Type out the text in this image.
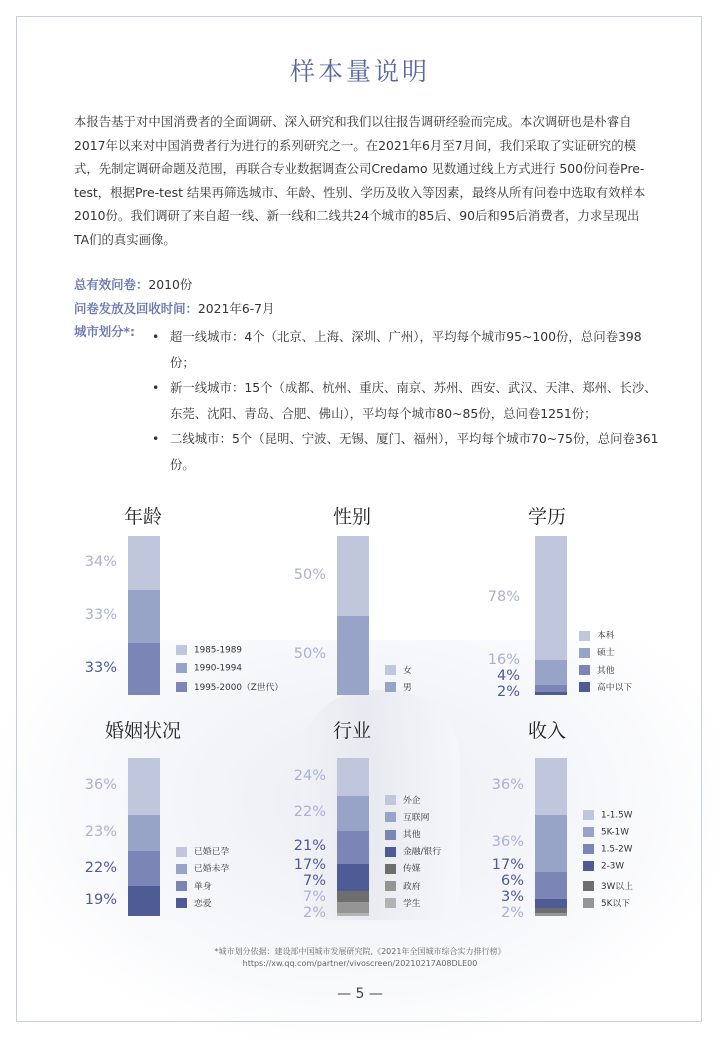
样本量说明

本报告基于对中国消费者的全面调研、深入研究和我们以往报告调研经验而完成。本次调研也是朴睿自2017年以来对中国消费者行为进行的系列研究之一。在2021年6月至7月间，我们采取了实证研究的模式，先制定调研命题及范围，再联合专业数据调查公司Credamo 见数通过线上方式进行 500份问卷Pre-test，根据Pre-test 结果再筛选城市、年龄、性别、学历及收入等因素，最终从所有问卷中选取有效样本2010份。我们调研了来自超一线、新一线和二线共24个城市的85后、90后和95后消费者，力求呈现出TA们的真实画像。

总有效问卷：2010份
问卷发放及回收时间：2021年6-7月
城市划分*:
•	超一线城市：4个（北京、上海、深圳、广州），平均每个城市95~100份，总问卷398份；
• 新一线城市：15个（成都、杭州、重庆、南京、苏州、西安、武汉、天津、郑州、长沙、东莞、沈阳、青岛、合肥、佛山），平均每个城市80~85份，总问卷1251份；
• 二线城市：5个（昆明、宁波、无锡、厦门、福州），平均每个城市70~75份，总问卷361份。
年龄
34%
1985-1989
33%
1990-1994
33%
1995-2000（Z世代）
性别
50%
女
50%
男
学历
78%
本科
16%	硕士
4%	其他
2%	高中以下
婚姻状况
36%
已婚已孕
23%
已婚未孕
22%
单身
19%	恋爱
行业
24%
外企
22%	互联网
21%
其他
17%
金融/银行
7%
传媒
7%
政府
2%
学生
收入
36%
1-1.5W
36%
5K-1W
17%
1.5-2W
6%
2-3W
3%
3W以上
2%
5K以下
*城市划分依据：建设部中国城市发展研究院,《2021年全国城市综合实力排行榜》
https://xw.qq.com/partner/vivoscreen/20210217A08DLE00
— 5 —
